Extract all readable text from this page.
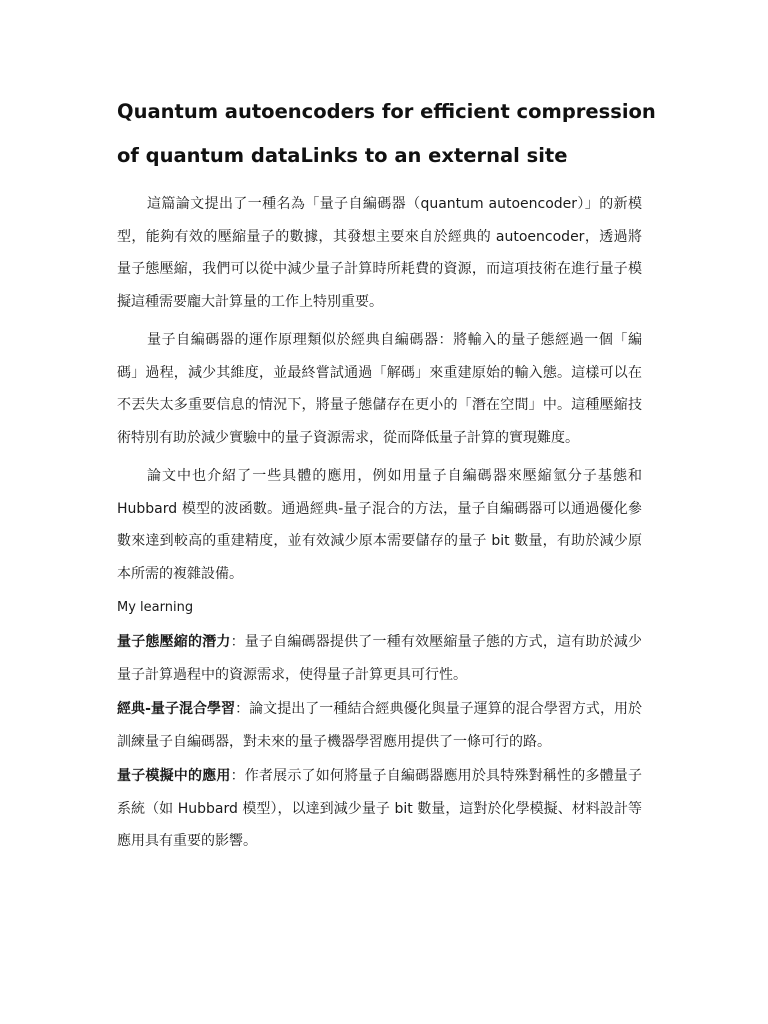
Quantum autoencoders for efficient compression
of quantum dataLinks to an external site

這篇論文提出了一種名為「量子自編碼器（quantum autoencoder）」的新模型，能夠有效的壓縮量子的數據，其發想主要來自於經典的 autoencoder，透過將量子態壓縮，我們可以從中減少量子計算時所耗費的資源，而這項技術在進行量子模擬這種需要龐大計算量的工作上特別重要。

量子自編碼器的運作原理類似於經典自編碼器：將輸入的量子態經過一個「編碼」過程，減少其維度，並最終嘗試通過「解碼」來重建原始的輸入態。這樣可以在不丟失太多重要信息的情況下，將量子態儲存在更小的「潛在空間」中。這種壓縮技術特別有助於減少實驗中的量子資源需求，從而降低量子計算的實現難度。

論文中也介紹了一些具體的應用，例如用量子自編碼器來壓縮氫分子基態和 Hubbard 模型的波函數。通過經典-量子混合的方法，量子自編碼器可以通過優化參數來達到較高的重建精度，並有效減少原本需要儲存的量子 bit 數量，有助於減少原本所需的複雜設備。

My learning

量子態壓縮的潛力：量子自編碼器提供了一種有效壓縮量子態的方式，這有助於減少量子計算過程中的資源需求，使得量子計算更具可行性。

經典-量子混合學習：論文提出了一種結合經典優化與量子運算的混合學習方式，用於訓練量子自編碼器，對未來的量子機器學習應用提供了一條可行的路。

量子模擬中的應用：作者展示了如何將量子自編碼器應用於具特殊對稱性的多體量子系統（如 Hubbard 模型），以達到減少量子 bit 數量，這對於化學模擬、材料設計等應用具有重要的影響。
